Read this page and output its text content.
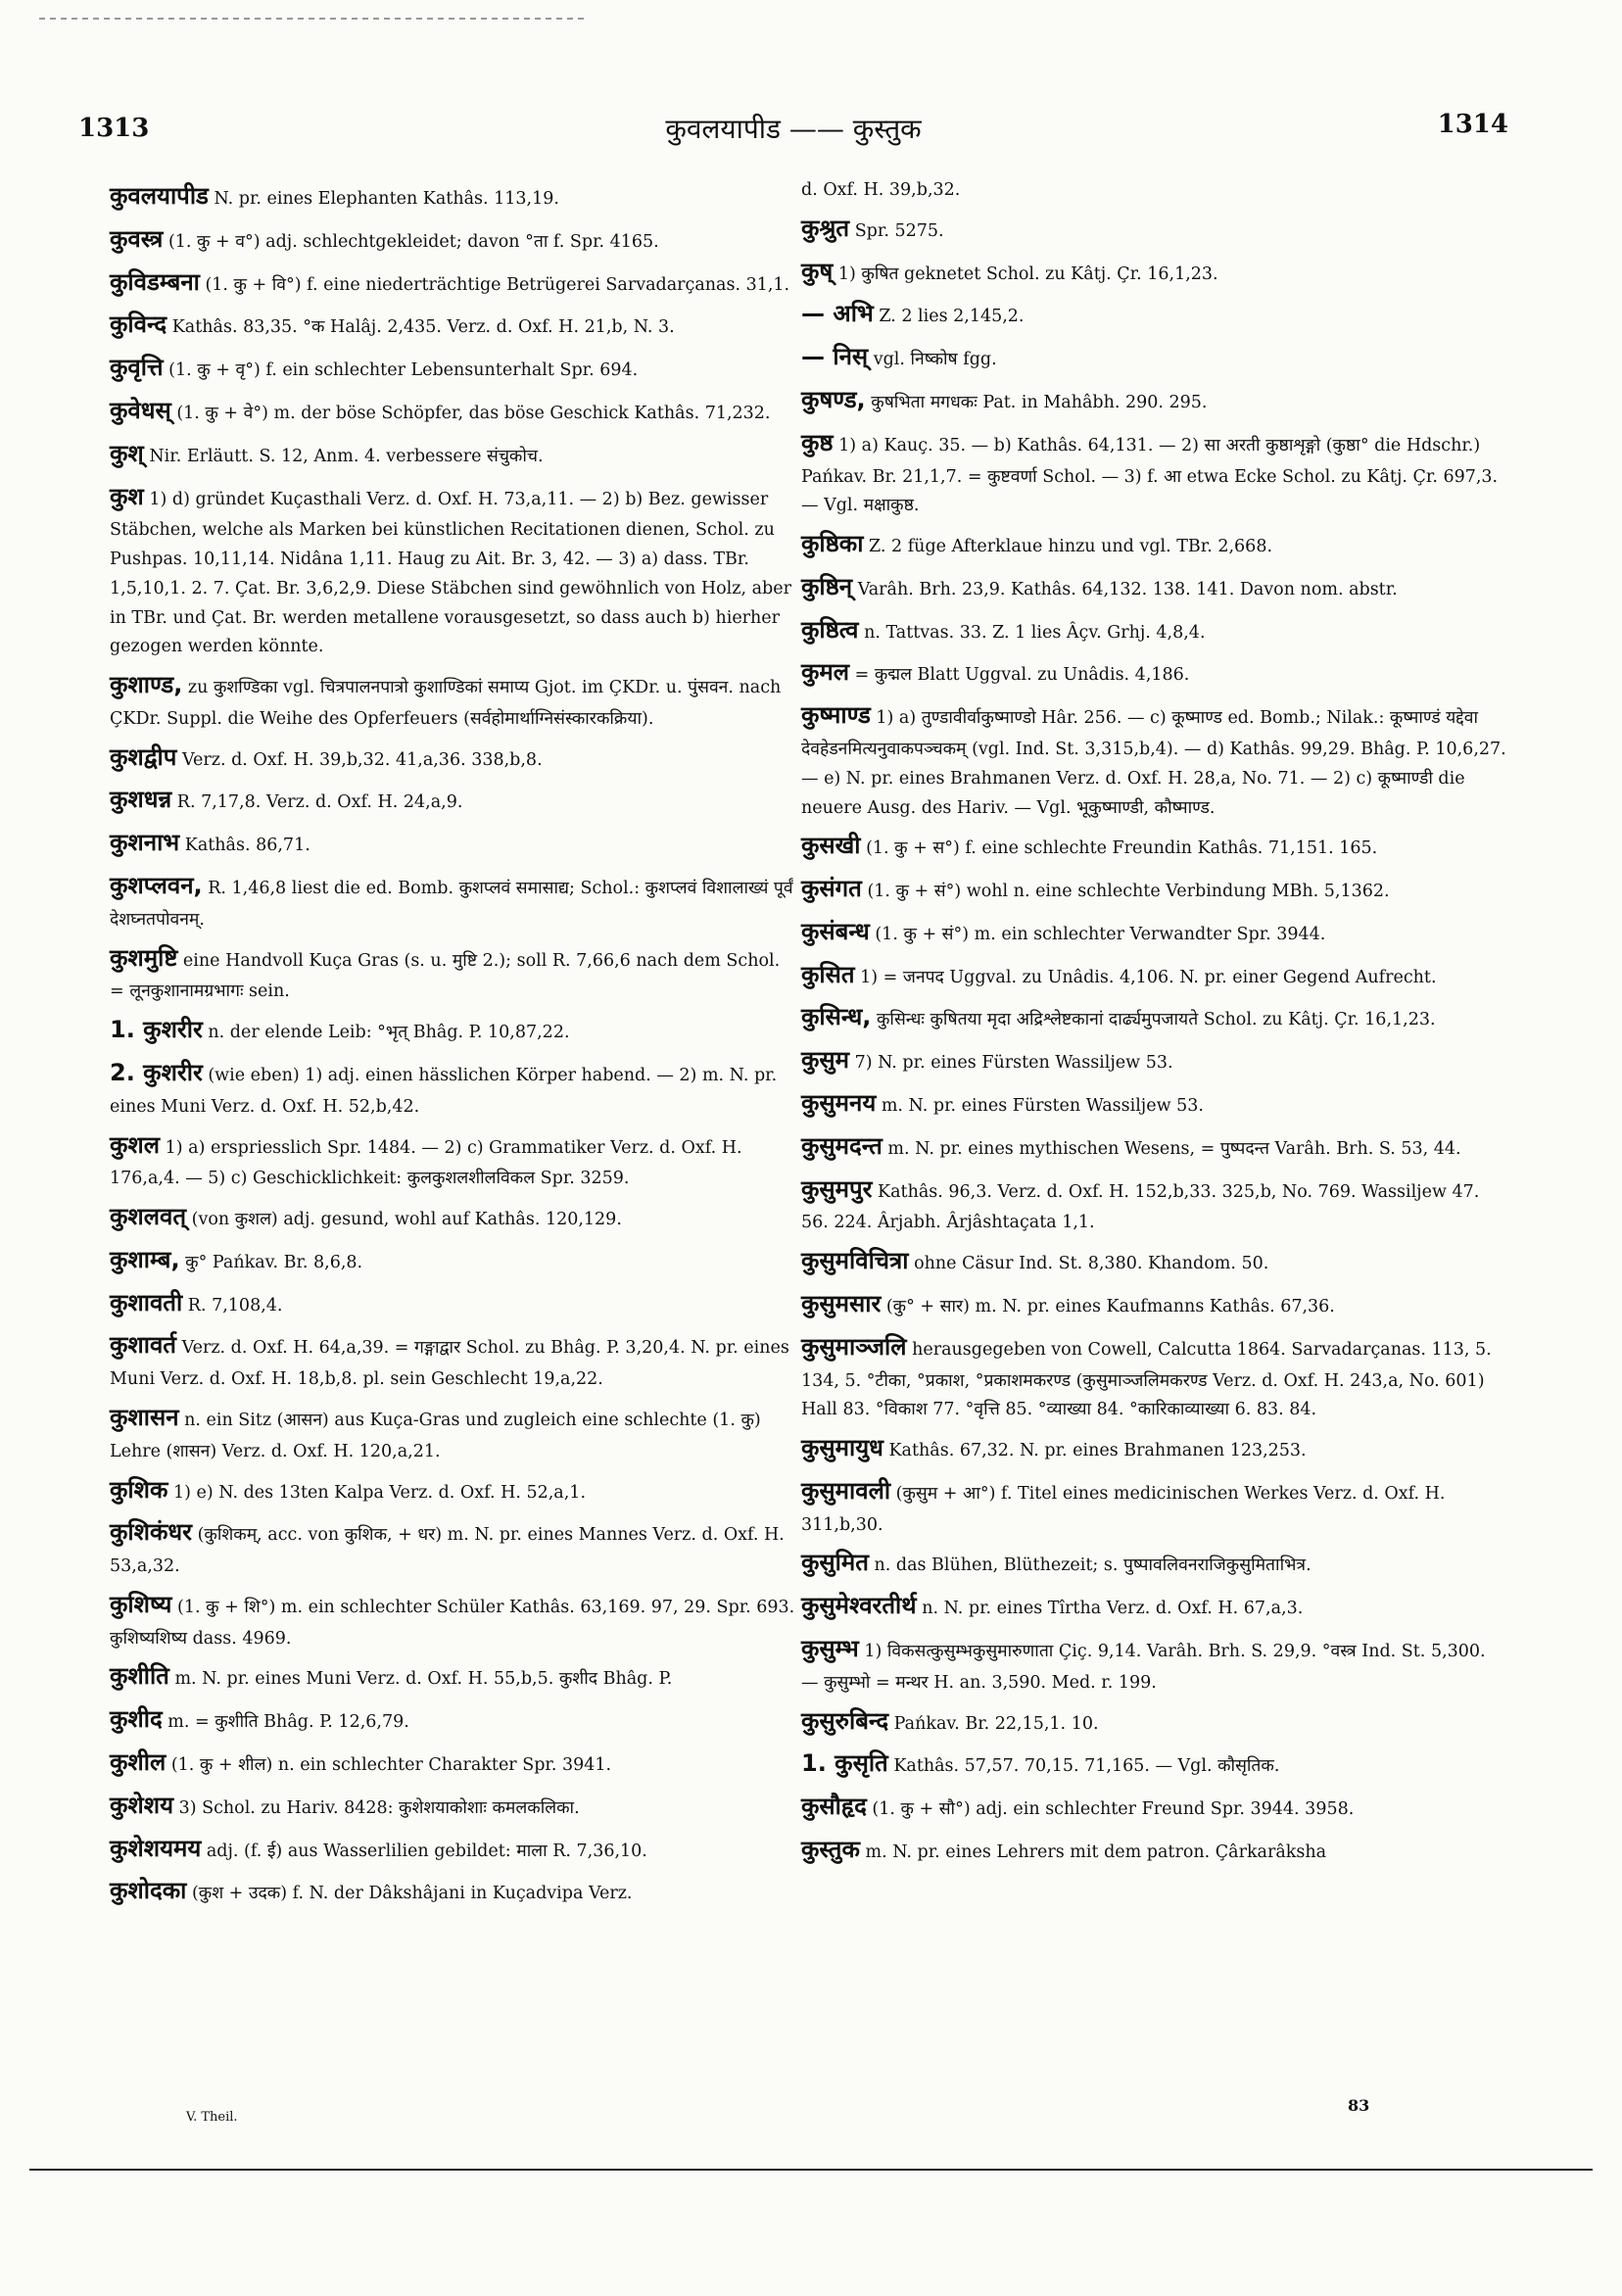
1313	कुवलयापीड —— कुस्तुक	1314
कुवलयापीड N. pr. eines Elephanten Kathâs. 113,19.
कुवस्त्र (1. कु + व°) adj. schlechtgekleidet; davon °ता f. Spr. 4165.
कुविडम्बना (1. कु + वि°) f. eine niederträchtige Betrügerei Sarvadarçanas. 31,1.
कुविन्द Kathâs. 83,35. °क Halâj. 2,435. Verz. d. Oxf. H. 21,b, N. 3.
कुवृत्ति (1. कु + वृ°) f. ein schlechter Lebensunterhalt Spr. 694.
कुवेधस् (1. कु + वे°) m. der böse Schöpfer, das böse Geschick Kathâs. 71,232.
कुश् Nir. Erläutt. S. 12, Anm. 4. verbessere संचुकोच.
कुश 1) d) gründet Kuçasthali Verz. d. Oxf. H. 73,a,11. — 2) b) Bez. gewisser Stäbchen, welche als Marken bei künstlichen Recitationen dienen, Schol. zu Pushpas. 10,11,14. Nidâna 1,11. Haug zu Ait. Br. 3, 42. — 3) a) dass. TBr. 1,5,10,1. 2. 7. Çat. Br. 3,6,2,9. Diese Stäbchen sind gewöhnlich von Holz, aber in TBr. und Çat. Br. werden metallene vorausgesetzt, so dass auch b) hierher gezogen werden könnte.
कुशाण्ड, zu कुशण्डिका vgl. चित्रपालनपात्रो कुशाण्डिकां समाप्य Gjot. im ÇKDr. u. पुंसवन. nach ÇKDr. Suppl. die Weihe des Opferfeuers (सर्वहोमार्थाग्निसंस्कारकक्रिया).
कुशद्वीप Verz. d. Oxf. H. 39,b,32. 41,a,36. 338,b,8.
कुशधन्न R. 7,17,8. Verz. d. Oxf. H. 24,a,9.
कुशनाभ Kathâs. 86,71.
कुशप्लवन, R. 1,46,8 liest die ed. Bomb. कुशप्लवं समासाद्य; Schol.: कुशप्लवं विशालाख्यं पूर्वं देशघ्नतपोवनम्.
कुशमुष्टि eine Handvoll Kuça Gras (s. u. मुष्टि 2.); soll R. 7,66,6 nach dem Schol. = लूनकुशानामग्रभागः sein.
1. कुशरीर n. der elende Leib: °भृत् Bhâg. P. 10,87,22.
2. कुशरीर (wie eben) 1) adj. einen hässlichen Körper habend. — 2) m. N. pr. eines Muni Verz. d. Oxf. H. 52,b,42.
कुशल 1) a) erspriesslich Spr. 1484. — 2) c) Grammatiker Verz. d. Oxf. H. 176,a,4. — 5) c) Geschicklichkeit: कुलकुशलशीलविकल Spr. 3259.
कुशलवत् (von कुशल) adj. gesund, wohl auf Kathâs. 120,129.
कुशाम्ब, कु° Pańkav. Br. 8,6,8.
कुशावती R. 7,108,4.
कुशावर्त Verz. d. Oxf. H. 64,a,39. = गङ्गाद्वार Schol. zu Bhâg. P. 3,20,4. N. pr. eines Muni Verz. d. Oxf. H. 18,b,8. pl. sein Geschlecht 19,a,22.
कुशासन n. ein Sitz (आसन) aus Kuça-Gras und zugleich eine schlechte (1. कु) Lehre (शासन) Verz. d. Oxf. H. 120,a,21.
कुशिक 1) e) N. des 13ten Kalpa Verz. d. Oxf. H. 52,a,1.
कुशिकंधर (कुशिकम्, acc. von कुशिक, + धर) m. N. pr. eines Mannes Verz. d. Oxf. H. 53,a,32.
कुशिष्य (1. कु + शि°) m. ein schlechter Schüler Kathâs. 63,169. 97, 29. Spr. 693. कुशिष्यशिष्य dass. 4969.
कुशीति m. N. pr. eines Muni Verz. d. Oxf. H. 55,b,5. कुशीद Bhâg. P.
कुशीद m. = कुशीति Bhâg. P. 12,6,79.
कुशील (1. कु + शील) n. ein schlechter Charakter Spr. 3941.
कुशेशय 3) Schol. zu Hariv. 8428: कुशेशयाकोशाः कमलकलिका.
कुशेशयमय adj. (f. ई) aus Wasserlilien gebildet: माला R. 7,36,10.
कुशोदका (कुश + उदक) f. N. der Dâkshâjani in Kuçadvipa Verz.
d. Oxf. H. 39,b,32.
कुश्रुत Spr. 5275.
कुष् 1) कुषित geknetet Schol. zu Kâtj. Çr. 16,1,23.
— अभि Z. 2 lies 2,145,2.
— निस् vgl. निष्कोष fgg.
कुषण्ड, कुषभिता मगधकः Pat. in Mahâbh. 290. 295.
कुष्ठ 1) a) Kauç. 35. — b) Kathâs. 64,131. — 2) सा अरती कुष्ठाशृङ्गो (कुष्ठा° die Hdschr.) Pańkav. Br. 21,1,7. = कुष्टवर्णा Schol. — 3) f. आ etwa Ecke Schol. zu Kâtj. Çr. 697,3. — Vgl. मक्षाकुष्ठ.
कुष्ठिका Z. 2 füge Afterklaue hinzu und vgl. TBr. 2,668.
कुष्ठिन् Varâh. Brh. 23,9. Kathâs. 64,132. 138. 141. Davon nom. abstr.
कुष्ठित्व n. Tattvas. 33. Z. 1 lies Âçv. Grhj. 4,8,4.
कुमल = कुद्मल Blatt Uggval. zu Unâdis. 4,186.
कुष्माण्ड 1) a) तुण्डावीर्वाकुष्माण्डो Hâr. 256. — c) कूष्माण्ड ed. Bomb.; Nilak.: कूष्माण्डं यद्देवा देवहेडनमित्यनुवाकपञ्चकम् (vgl. Ind. St. 3,315,b,4). — d) Kathâs. 99,29. Bhâg. P. 10,6,27. — e) N. pr. eines Brahmanen Verz. d. Oxf. H. 28,a, No. 71. — 2) c) कूष्माण्डी die neuere Ausg. des Hariv. — Vgl. भूकुष्माण्डी, कौष्माण्ड.
कुसखी (1. कु + स°) f. eine schlechte Freundin Kathâs. 71,151. 165.
कुसंगत (1. कु + सं°) wohl n. eine schlechte Verbindung MBh. 5,1362.
कुसंबन्ध (1. कु + सं°) m. ein schlechter Verwandter Spr. 3944.
कुसित 1) = जनपद Uggval. zu Unâdis. 4,106. N. pr. einer Gegend Aufrecht.
कुसिन्ध, कुसिन्धः कुषितया मृदा अद्रिश्लेष्टकानां दार्ढ्यमुपजायते Schol. zu Kâtj. Çr. 16,1,23.
कुसुम 7) N. pr. eines Fürsten Wassiljew 53.
कुसुमनय m. N. pr. eines Fürsten Wassiljew 53.
कुसुमदन्त m. N. pr. eines mythischen Wesens, = पुष्पदन्त Varâh. Brh. S. 53, 44.
कुसुमपुर Kathâs. 96,3. Verz. d. Oxf. H. 152,b,33. 325,b, No. 769. Wassiljew 47. 56. 224. Ârjabh. Ârjâshtaçata 1,1.
कुसुमविचित्रा ohne Cäsur Ind. St. 8,380. Khandom. 50.
कुसुमसार (कु° + सार) m. N. pr. eines Kaufmanns Kathâs. 67,36.
कुसुमाञ्जलि herausgegeben von Cowell, Calcutta 1864. Sarvadarçanas. 113, 5. 134, 5. °टीका, °प्रकाश, °प्रकाशमकरण्ड (कुसुमाञ्जलिमकरण्ड Verz. d. Oxf. H. 243,a, No. 601) Hall 83. °विकाश 77. °वृत्ति 85. °व्याख्या 84. °कारिकाव्याख्या 6. 83. 84.
कुसुमायुध Kathâs. 67,32. N. pr. eines Brahmanen 123,253.
कुसुमावली (कुसुम + आ°) f. Titel eines medicinischen Werkes Verz. d. Oxf. H. 311,b,30.
कुसुमित n. das Blühen, Blüthezeit; s. पुष्पावलिवनराजिकुसुमिताभित्र.
कुसुमेश्वरतीर्थ n. N. pr. eines Tîrtha Verz. d. Oxf. H. 67,a,3.
कुसुम्भ 1) विकसत्कुसुम्भकुसुमारुणाता Çiç. 9,14. Varâh. Brh. S. 29,9. °वस्त्र Ind. St. 5,300. — कुसुम्भो = मन्थर H. an. 3,590. Med. r. 199.
कुसुरुबिन्द Pańkav. Br. 22,15,1. 10.
1. कुसृति Kathâs. 57,57. 70,15. 71,165. — Vgl. कौसृतिक.
कुसौहृद (1. कु + सौ°) adj. ein schlechter Freund Spr. 3944. 3958.
कुस्तुक m. N. pr. eines Lehrers mit dem patron. Çârkarâksha
V. Theil.
83
